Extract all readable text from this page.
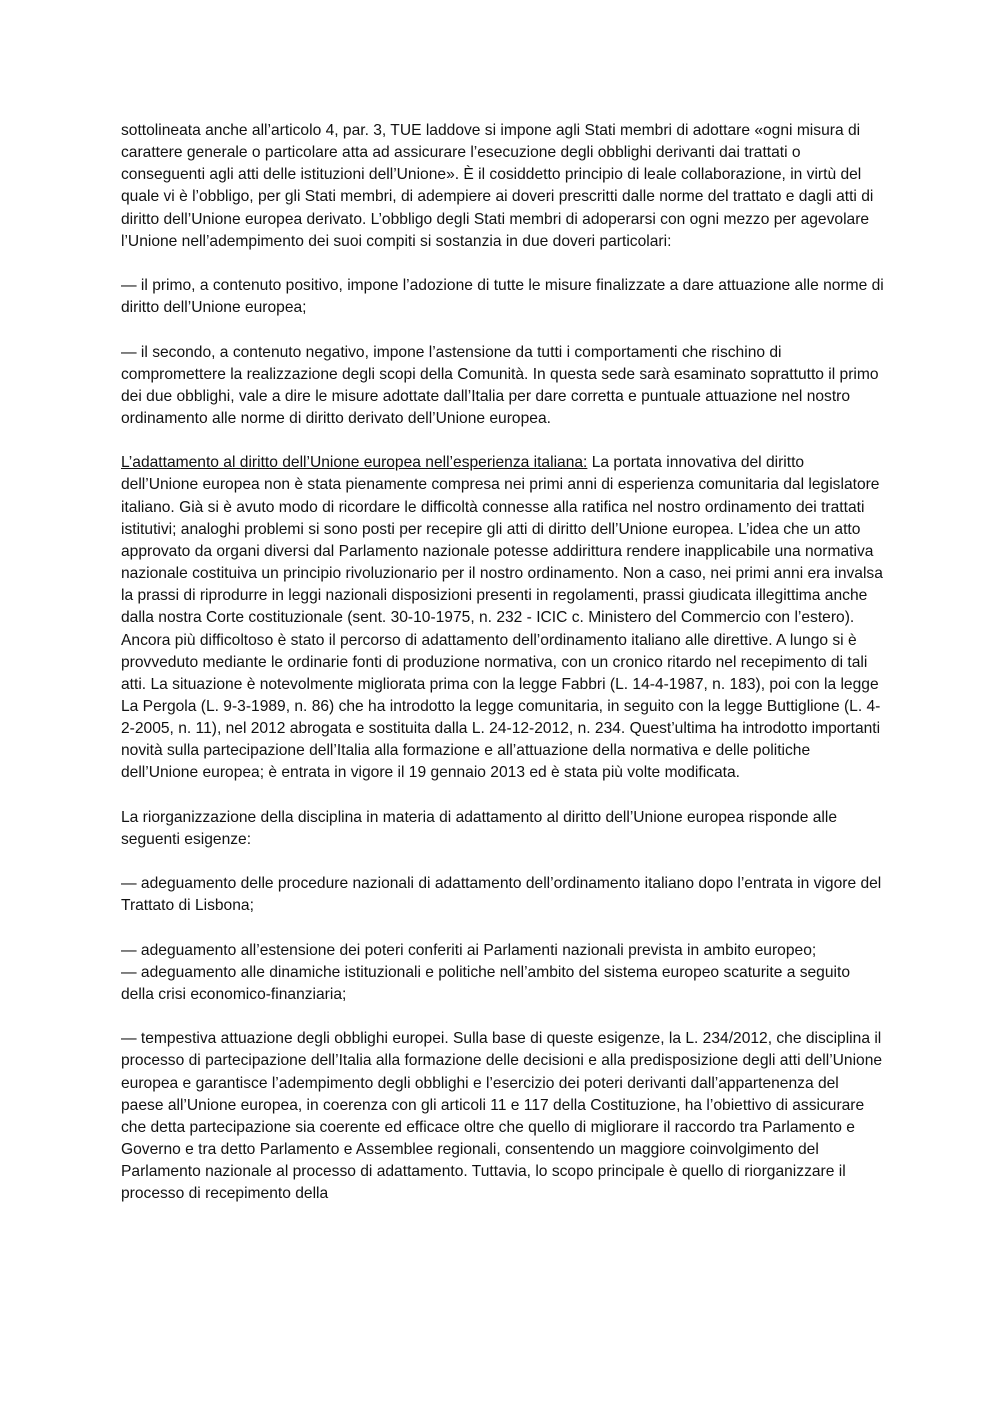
sottolineata anche all’articolo 4, par. 3, TUE laddove si impone agli Stati membri di adottare «ogni misura di carattere generale o particolare atta ad assicurare l’esecuzione degli obblighi derivanti dai trattati o conseguenti agli atti delle istituzioni dell’Unione». È il cosiddetto principio di leale collaborazione, in virtù del quale vi è l’obbligo, per gli Stati membri, di adempiere ai doveri prescritti dalle norme del trattato e dagli atti di diritto dell’Unione europea derivato. L’obbligo degli Stati membri di adoperarsi con ogni mezzo per agevolare l’Unione nell’adempimento dei suoi compiti si sostanzia in due doveri particolari:

— il primo, a contenuto positivo, impone l’adozione di tutte le misure finalizzate a dare attuazione alle norme di diritto dell’Unione europea;

— il secondo, a contenuto negativo, impone l’astensione da tutti i comportamenti che rischino di compromettere la realizzazione degli scopi della Comunità. In questa sede sarà esaminato soprattutto il primo dei due obblighi, vale a dire le misure adottate dall’Italia per dare corretta e puntuale attuazione nel nostro ordinamento alle norme di diritto derivato dell’Unione europea.

L’adattamento al diritto dell’Unione europea nell’esperienza italiana: La portata innovativa del diritto dell’Unione europea non è stata pienamente compresa nei primi anni di esperienza comunitaria dal legislatore italiano. Già si è avuto modo di ricordare le difficoltà connesse alla ratifica nel nostro ordinamento dei trattati istitutivi; analoghi problemi si sono posti per recepire gli atti di diritto dell’Unione europea. L’idea che un atto approvato da organi diversi dal Parlamento nazionale potesse addirittura rendere inapplicabile una normativa nazionale costituiva un principio rivoluzionario per il nostro ordinamento. Non a caso, nei primi anni era invalsa la prassi di riprodurre in leggi nazionali disposizioni presenti in regolamenti, prassi giudicata illegittima anche dalla nostra Corte costituzionale (sent. 30-10-1975, n. 232 - ICIC c. Ministero del Commercio con l’estero). Ancora più difficoltoso è stato il percorso di adattamento dell’ordinamento italiano alle direttive. A lungo si è provveduto mediante le ordinarie fonti di produzione normativa, con un cronico ritardo nel recepimento di tali atti. La situazione è notevolmente migliorata prima con la legge Fabbri (L. 14-4-1987, n. 183), poi con la legge La Pergola (L. 9-3-1989, n. 86) che ha introdotto la legge comunitaria, in seguito con la legge Buttiglione (L. 4-2-2005, n. 11), nel 2012 abrogata e sostituita dalla L. 24-12-2012, n. 234. Quest’ultima ha introdotto importanti novità sulla partecipazione dell’Italia alla formazione e all’attuazione della normativa e delle politiche dell’Unione europea; è entrata in vigore il 19 gennaio 2013 ed è stata più volte modificata.

La riorganizzazione della disciplina in materia di adattamento al diritto dell’Unione europea risponde alle seguenti esigenze:

— adeguamento delle procedure nazionali di adattamento dell’ordinamento italiano dopo l’entrata in vigore del Trattato di Lisbona;

— adeguamento all’estensione dei poteri conferiti ai Parlamenti nazionali prevista in ambito europeo;

— adeguamento alle dinamiche istituzionali e politiche nell’ambito del sistema europeo scaturite a seguito della crisi economico-finanziaria;

— tempestiva attuazione degli obblighi europei. Sulla base di queste esigenze, la L. 234/2012, che disciplina il processo di partecipazione dell’Italia alla formazione delle decisioni e alla predisposizione degli atti dell’Unione europea e garantisce l’adempimento degli obblighi e l’esercizio dei poteri derivanti dall’appartenenza del paese all’Unione europea, in coerenza con gli articoli 11 e 117 della Costituzione, ha l’obiettivo di assicurare che detta partecipazione sia coerente ed efficace oltre che quello di migliorare il raccordo tra Parlamento e Governo e tra detto Parlamento e Assemblee regionali, consentendo un maggiore coinvolgimento del Parlamento nazionale al processo di adattamento. Tuttavia, lo scopo principale è quello di riorganizzare il processo di recepimento della
